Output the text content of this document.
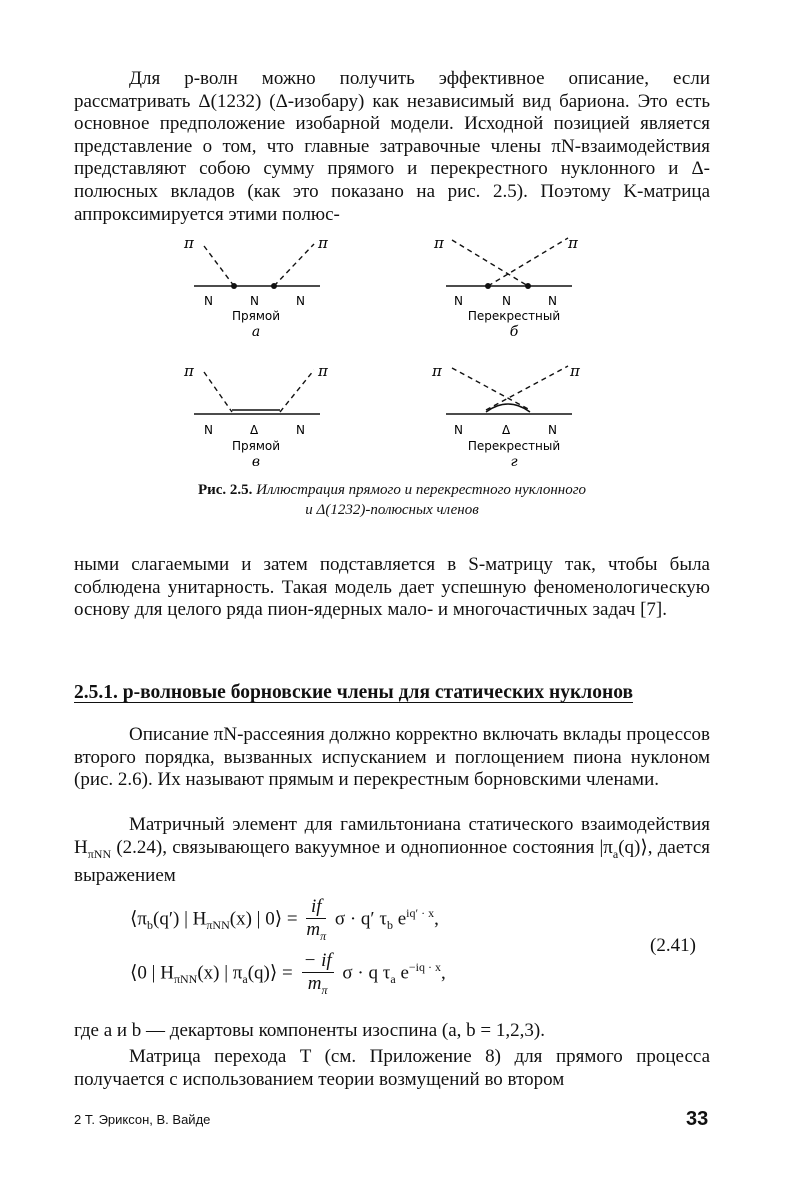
Для p-волн можно получить эффективное описание, если рассматривать Δ(1232) (Δ-изобару) как независимый вид бариона. Это есть основное предположение изобарной модели. Исходной позицией является представление о том, что главные затравочные члены πN-взаимодействия представляют собою сумму прямого и перекрестного нуклонного и Δ-полюсных вкладов (как это показано на рис. 2.5). Поэтому K-матрица аппроксимируется этими полюс-

π	π
N	N	N
Прямой
а
π	π
N	N	N
Перекрестный
б
π	π
N	Δ	N
Прямой
в
π	π
N	Δ	N
Перекрестный
г
Рис. 2.5. Иллюстрация прямого и перекрестного нуклонного
и Δ(1232)-полюсных членов

ными слагаемыми и затем подставляется в S-матрицу так, чтобы была соблюдена унитарность. Такая модель дает успешную феноменологическую основу для целого ряда пион-ядерных мало- и многочастичных задач [7].

2.5.1. p-волновые борновские члены для статических нуклонов

Описание πN-рассеяния должно корректно включать вклады процессов второго порядка, вызванных испусканием и поглощением пиона нуклоном (рис. 2.6). Их называют прямым и перекрестным борновскими членами.

Матричный элемент для гамильтониана статического взаимодействия $H_{\pi NN}$ (2.24), связывающего вакуумное и однопионное состояния $|\pi_a(q)⟩$, дается выражением

$⟨\pi_b(q')$ | $H_{\pi NN}(x)$ | 0⟩ = $\frac{if}{m_\pi}$ σ · q′ $\tau_b$ $e^{iq' \cdot x}$,
⟨0 | $H_{\pi NN}(x)$ | $\pi_a(q)⟩ = \frac{- if}{m_\pi}$ σ · q $\tau_a$ $e^{-iq \cdot x}$,
(2.41)

где a и b — декартовы компоненты изоспина (a, b = 1,2,3).

Матрица перехода T (см. Приложение 8) для прямого процесса получается с использованием теории возмущений во втором

2 Т. Эриксон, В. Вайде	33
